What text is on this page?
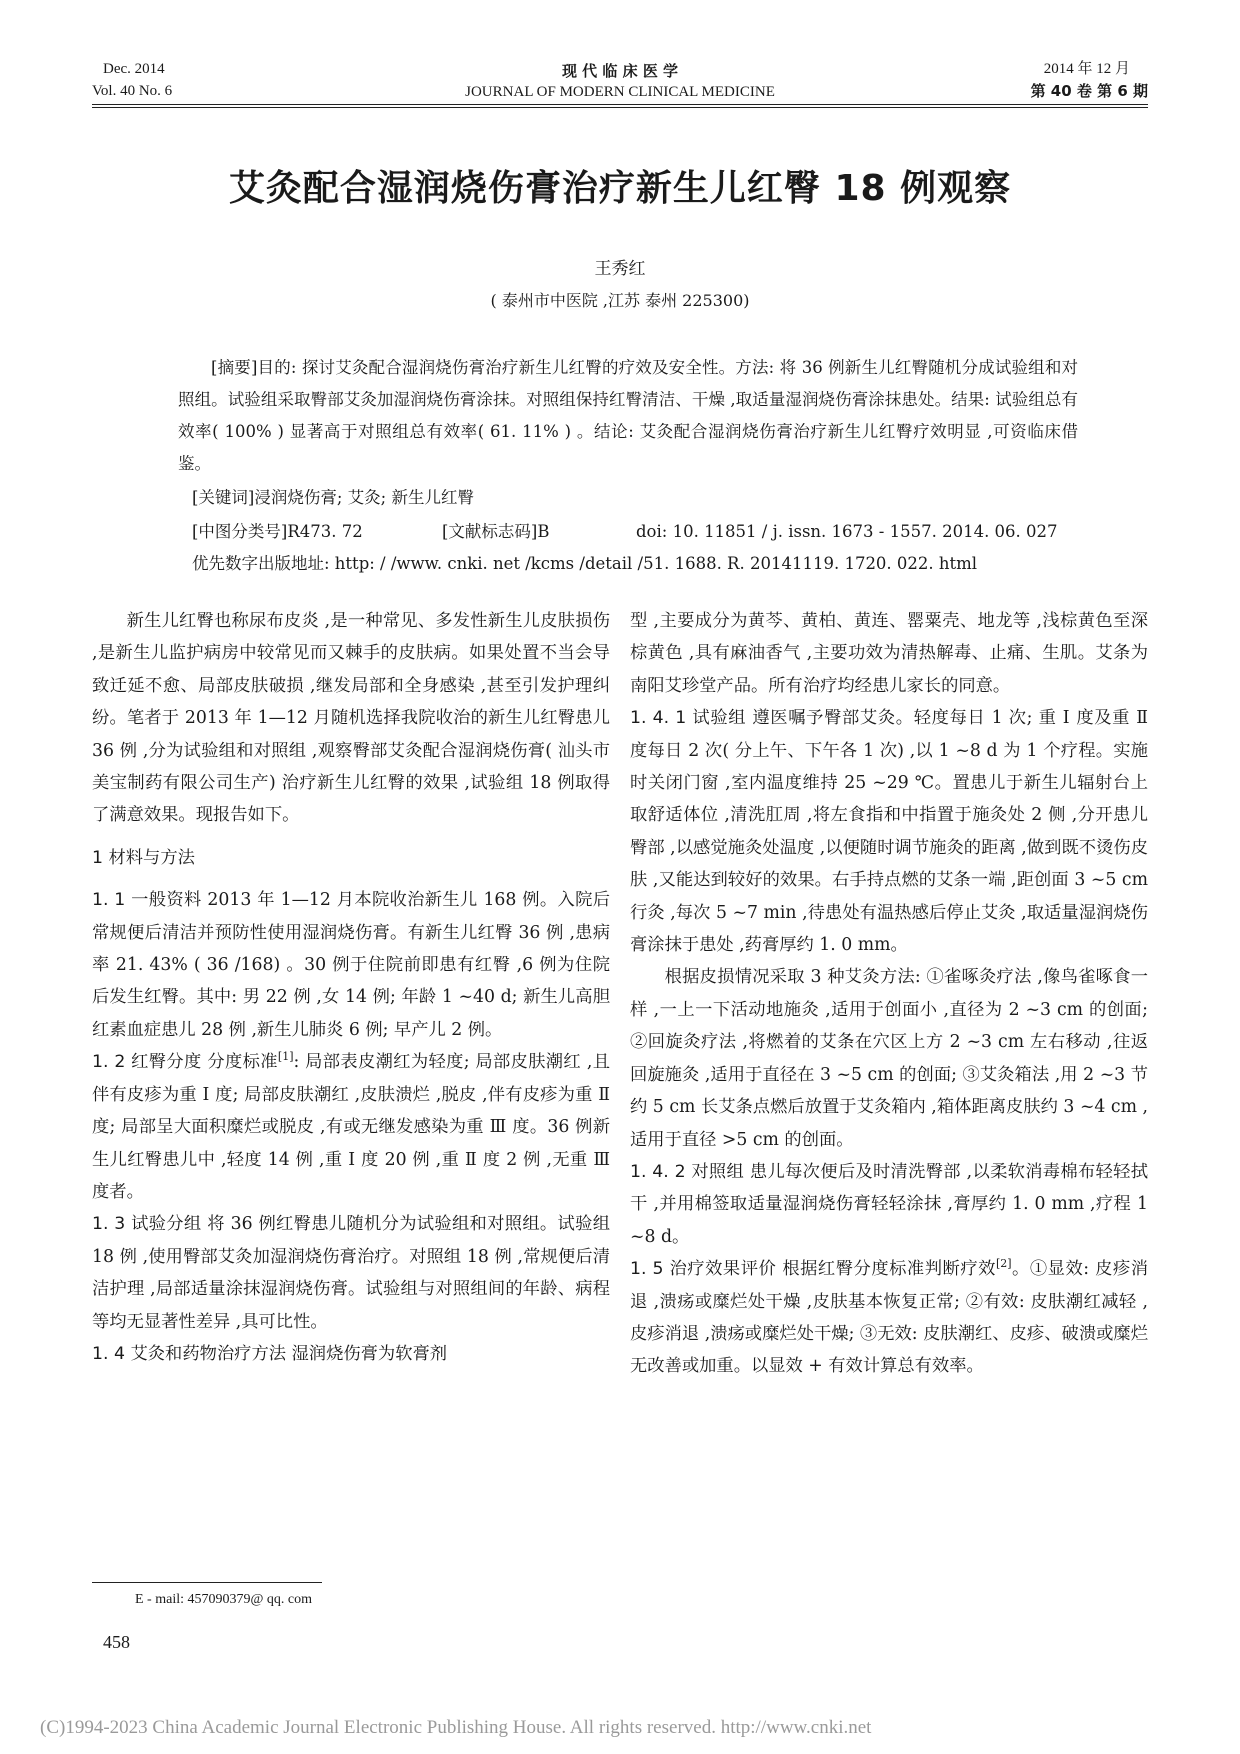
Dec. 2014
Vol. 40 No. 6
现 代 临 床 医 学
JOURNAL OF MODERN CLINICAL MEDICINE
2014 年 12 月
第 40 卷 第 6 期
艾灸配合湿润烧伤膏治疗新生儿红臀 18 例观察
王秀红
( 泰州市中医院 ,江苏 泰州 225300)
[摘要]目的: 探讨艾灸配合湿润烧伤膏治疗新生儿红臀的疗效及安全性。方法: 将 36 例新生儿红臀随机分成试验组和对照组。试验组采取臀部艾灸加湿润烧伤膏涂抹。对照组保持红臀清洁、干燥 ,取适量湿润烧伤膏涂抹患处。结果: 试验组总有效率( 100% ) 显著高于对照组总有效率( 61. 11% ) 。结论: 艾灸配合湿润烧伤膏治疗新生儿红臀疗效明显 ,可资临床借鉴。
[关键词]浸润烧伤膏; 艾灸; 新生儿红臀
[中图分类号]R473. 72	[文献标志码]B	doi: 10. 11851 / j. issn. 1673 - 1557. 2014. 06. 027
优先数字出版地址: http: / /www. cnki. net /kcms /detail /51. 1688. R. 20141119. 1720. 022. html

新生儿红臀也称尿布皮炎 ,是一种常见、多发性新生儿皮肤损伤 ,是新生儿监护病房中较常见而又棘手的皮肤病。如果处置不当会导致迁延不愈、局部皮肤破损 ,继发局部和全身感染 ,甚至引发护理纠纷。笔者于 2013 年 1—12 月随机选择我院收治的新生儿红臀患儿 36 例 ,分为试验组和对照组 ,观察臀部艾灸配合湿润烧伤膏( 汕头市美宝制药有限公司生产) 治疗新生儿红臀的效果 ,试验组 18 例取得了满意效果。现报告如下。

1 材料与方法

1. 1 一般资料 2013 年 1—12 月本院收治新生儿 168 例。入院后常规便后清洁并预防性使用湿润烧伤膏。有新生儿红臀 36 例 ,患病率 21. 43% ( 36 /168) 。30 例于住院前即患有红臀 ,6 例为住院后发生红臀。其中: 男 22 例 ,女 14 例; 年龄 1 ~40 d; 新生儿高胆红素血症患儿 28 例 ,新生儿肺炎 6 例; 早产儿 2 例。

1. 2 红臀分度 分度标准[1]: 局部表皮潮红为轻度; 局部皮肤潮红 ,且伴有皮疹为重 Ⅰ 度; 局部皮肤潮红 ,皮肤溃烂 ,脱皮 ,伴有皮疹为重 Ⅱ 度; 局部呈大面积糜烂或脱皮 ,有或无继发感染为重 Ⅲ 度。36 例新生儿红臀患儿中 ,轻度 14 例 ,重 Ⅰ 度 20 例 ,重 Ⅱ 度 2 例 ,无重 Ⅲ 度者。

1. 3 试验分组 将 36 例红臀患儿随机分为试验组和对照组。试验组 18 例 ,使用臀部艾灸加湿润烧伤膏治疗。对照组 18 例 ,常规便后清洁护理 ,局部适量涂抹湿润烧伤膏。试验组与对照组间的年龄、病程等均无显著性差异 ,具可比性。

1. 4 艾灸和药物治疗方法 湿润烧伤膏为软膏剂

型 ,主要成分为黄芩、黄柏、黄连、罂粟壳、地龙等 ,浅棕黄色至深棕黄色 ,具有麻油香气 ,主要功效为清热解毒、止痛、生肌。艾条为南阳艾珍堂产品。所有治疗均经患儿家长的同意。

1. 4. 1 试验组 遵医嘱予臀部艾灸。轻度每日 1 次; 重 Ⅰ 度及重 Ⅱ 度每日 2 次( 分上午、下午各 1 次) ,以 1 ~8 d 为 1 个疗程。实施时关闭门窗 ,室内温度维持 25 ~29 ℃。置患儿于新生儿辐射台上取舒适体位 ,清洗肛周 ,将左食指和中指置于施灸处 2 侧 ,分开患儿臀部 ,以感觉施灸处温度 ,以便随时调节施灸的距离 ,做到既不烫伤皮肤 ,又能达到较好的效果。右手持点燃的艾条一端 ,距创面 3 ~5 cm 行灸 ,每次 5 ~7 min ,待患处有温热感后停止艾灸 ,取适量湿润烧伤膏涂抹于患处 ,药膏厚约 1. 0 mm。

根据皮损情况采取 3 种艾灸方法: ①雀啄灸疗法 ,像鸟雀啄食一样 ,一上一下活动地施灸 ,适用于创面小 ,直径为 2 ~3 cm 的创面; ②回旋灸疗法 ,将燃着的艾条在穴区上方 2 ~3 cm 左右移动 ,往返回旋施灸 ,适用于直径在 3 ~5 cm 的创面; ③艾灸箱法 ,用 2 ~3 节约 5 cm 长艾条点燃后放置于艾灸箱内 ,箱体距离皮肤约 3 ~4 cm ,适用于直径 >5 cm 的创面。

1. 4. 2 对照组 患儿每次便后及时清洗臀部 ,以柔软消毒棉布轻轻拭干 ,并用棉签取适量湿润烧伤膏轻轻涂抹 ,膏厚约 1. 0 mm ,疗程 1 ~8 d。

1. 5 治疗效果评价 根据红臀分度标准判断疗效[2]。①显效: 皮疹消退 ,溃疡或糜烂处干燥 ,皮肤基本恢复正常; ②有效: 皮肤潮红减轻 ,皮疹消退 ,溃疡或糜烂处干燥; ③无效: 皮肤潮红、皮疹、破溃或糜烂无改善或加重。以显效 + 有效计算总有效率。

E - mail: 457090379@ qq. com
458
(C)1994-2023 China Academic Journal Electronic Publishing House. All rights reserved. http://www.cnki.net
